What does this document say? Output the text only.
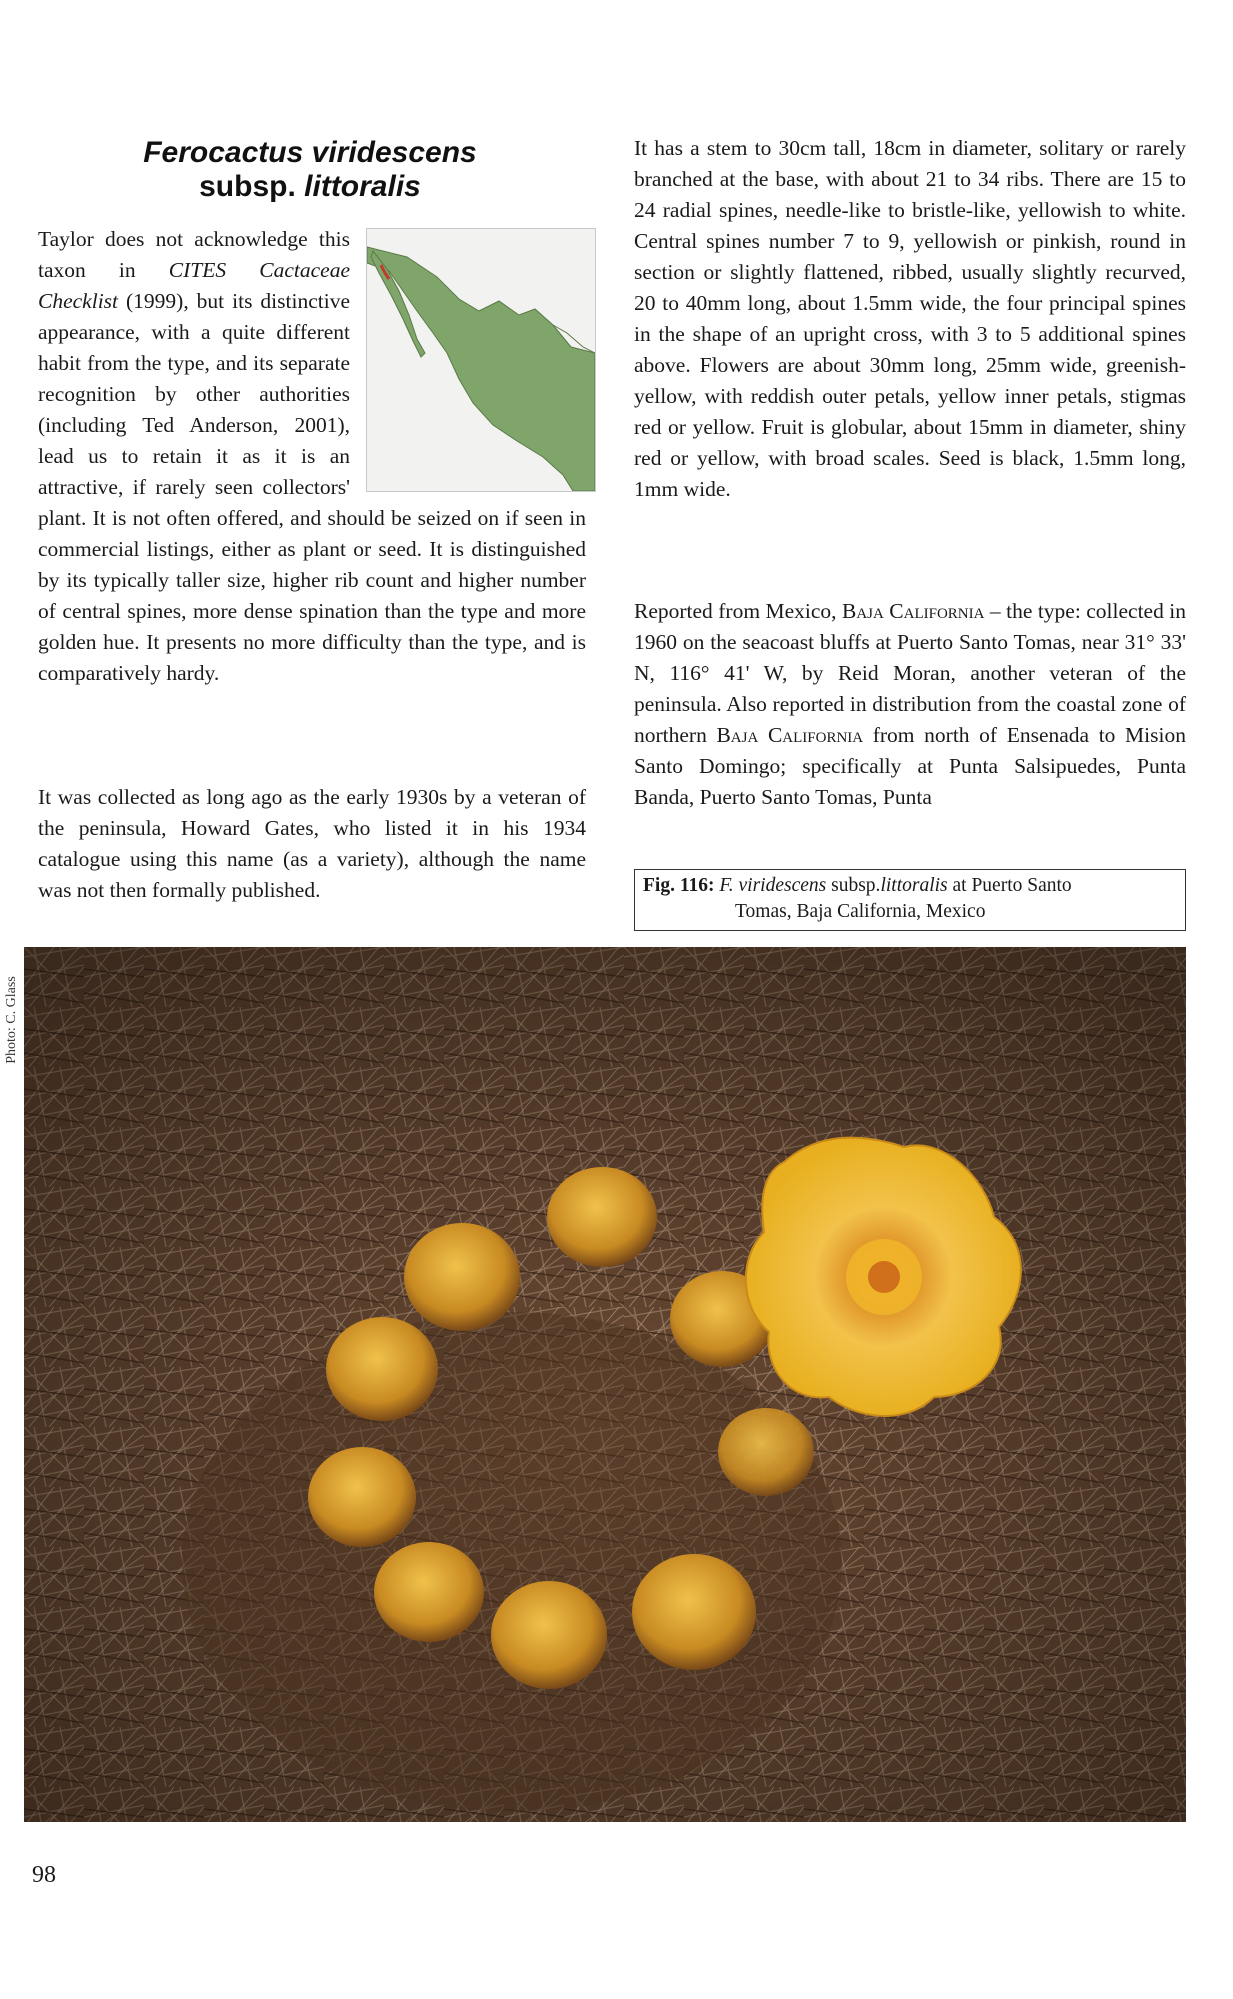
Ferocactus viridescens
subsp. littoralis

Taylor does not acknowledge this taxon in CITES Cactaceae Checklist (1999), but its distinctive appearance, with a quite different habit from the type, and its separate recognition by other authorities (including Ted Anderson, 2001), lead us to retain it as it is an attractive, if rarely seen collectors' plant. It is not often offered, and should be seized on if seen in commercial listings, either as plant or seed. It is distinguished by its typically taller size, higher rib count and higher number of central spines, more dense spination than the type and more golden hue. It presents no more difficulty than the type, and is comparatively hardy.

It was collected as long ago as the early 1930s by a veteran of the peninsula, Howard Gates, who listed it in his 1934 catalogue using this name (as a variety), although the name was not then formally published.

It has a stem to 30cm tall, 18cm in diameter, solitary or rarely branched at the base, with about 21 to 34 ribs. There are 15 to 24 radial spines, needle-like to bristle-like, yellowish to white. Central spines number 7 to 9, yellowish or pinkish, round in section or slightly flattened, ribbed, usually slightly recurved, 20 to 40mm long, about 1.5mm wide, the four principal spines in the shape of an upright cross, with 3 to 5 additional spines above. Flowers are about 30mm long, 25mm wide, greenish-yellow, with reddish outer petals, yellow inner petals, stigmas red or yellow. Fruit is globular, about 15mm in diameter, shiny red or yellow, with broad scales. Seed is black, 1.5mm long, 1mm wide.

Reported from Mexico, Baja California – the type: collected in 1960 on the seacoast bluffs at Puerto Santo Tomas, near 31° 33' N, 116° 41' W, by Reid Moran, another veteran of the peninsula. Also reported in distribution from the coastal zone of northern Baja California from north of Ensenada to Mision Santo Domingo; specifically at Punta Salsipuedes, Punta Banda, Puerto Santo Tomas, Punta

Fig. 116: F. viridescens subsp.littoralis at Puerto Santo
Tomas, Baja California, Mexico
Photo: C. Glass
98
